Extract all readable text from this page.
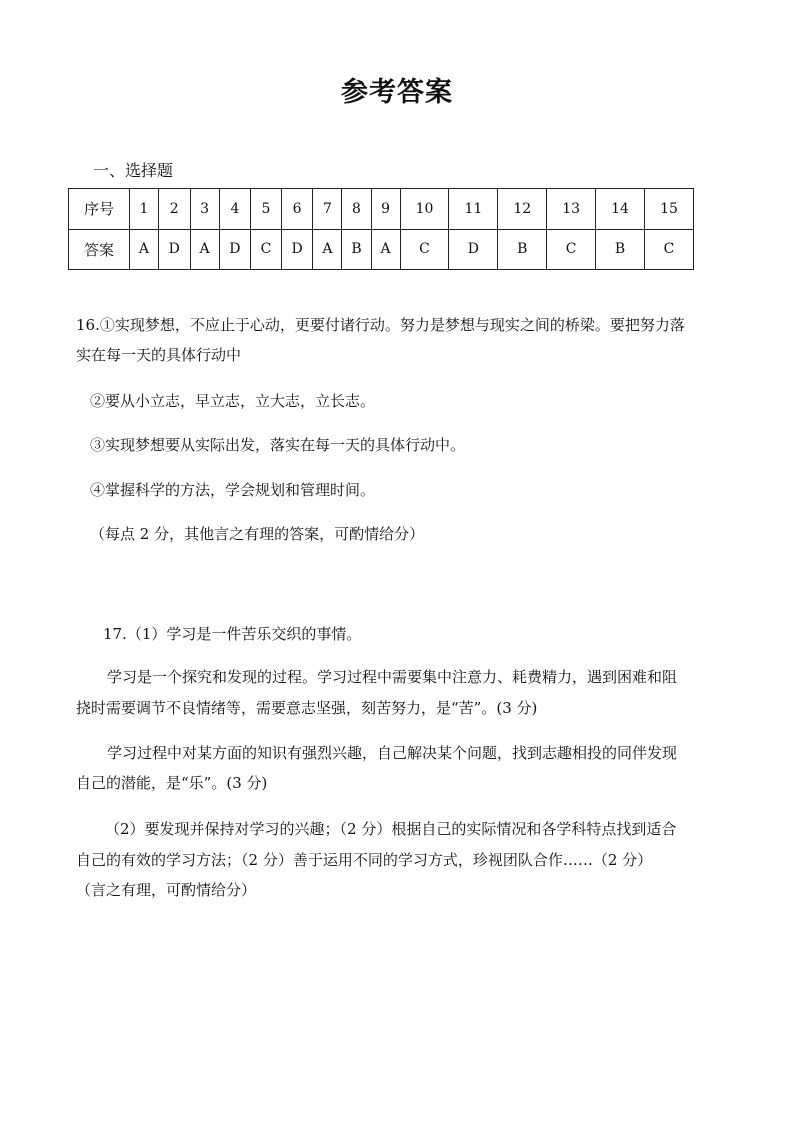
参考答案
一、选择题
序号	1	2	3	4	5	6	7	8	9	10	11	12	13	14	15
答案	A	D	A	D	C	D	A	B	A	C	D	B	C	B	C
16.①实现梦想，不应止于心动，更要付诸行动。努力是梦想与现实之间的桥梁。要把努力落
实在每一天的具体行动中
②要从小立志，早立志，立大志，立长志。
③实现梦想要从实际出发，落实在每一天的具体行动中。
④掌握科学的方法，学会规划和管理时间。
（每点 2 分，其他言之有理的答案，可酌情给分）
17.（1）学习是一件苦乐交织的事情。
学习是一个探究和发现的过程。学习过程中需要集中注意力、耗费精力，遇到困难和阻
挠时需要调节不良情绪等，需要意志坚强，刻苦努力，是“苦”。(3 分)
学习过程中对某方面的知识有强烈兴趣，自己解决某个问题，找到志趣相投的同伴发现
自己的潜能，是“乐”。(3 分)
（2）要发现并保持对学习的兴趣；（2 分）根据自己的实际情况和各学科特点找到适合
自己的有效的学习方法；（2 分）善于运用不同的学习方式，珍视团队合作……（2 分）
（言之有理，可酌情给分）
